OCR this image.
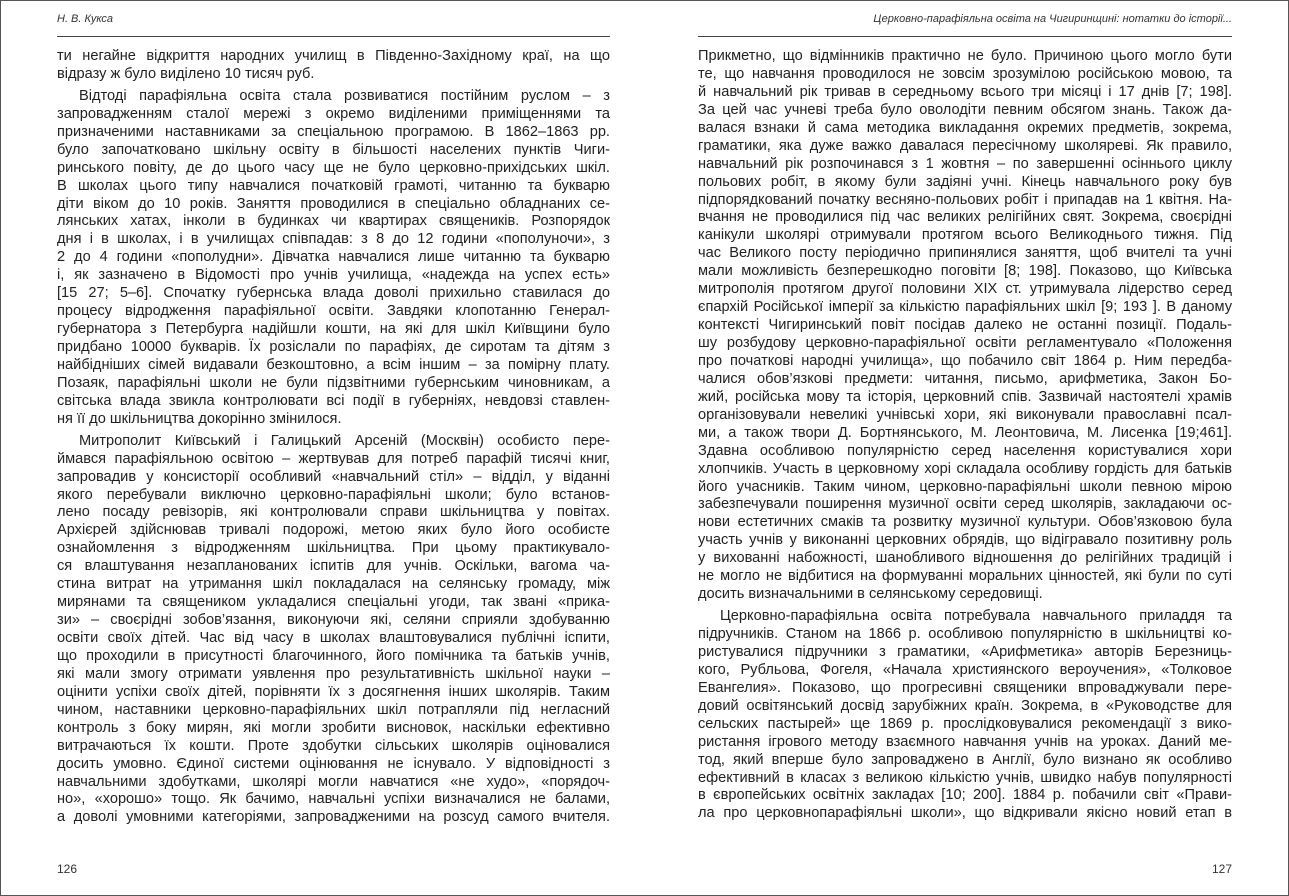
Н. В. Кукса
ти негайне відкриття народних училищ в Південно-Західному краї, на що
відразу ж було виділено 10 тисяч руб.
Відтоді парафіяльна освіта стала розвиватися постійним руслом – з
запровадженням сталої мережі з окремо виділеними приміщеннями та
призначеними наставниками за спеціальною програмою. В 1862–1863 рр.
було започатковано шкільну освіту в більшості населених пунктів Чиги-
ринського повіту, де до цього часу ще не було церковно-прихідських шкіл.
В школах цього типу навчалися початковій грамоті, читанню та букварю
діти віком до 10 років. Заняття проводилися в спеціально обладнаних се-
лянських хатах, інколи в будинках чи квартирах священиків. Розпорядок
дня і в школах, і в училищах співпадав: з 8 до 12 години «пополуночи», з
2 до 4 години «пополудни». Дівчатка навчалися лише читанню та букварю
і, як зазначено в Відомості про учнів училища, «надежда на успех есть»
[15 27; 5–6]. Спочатку губернська влада доволі прихильно ставилася до
процесу відродження парафіяльної освіти. Завдяки клопотанню Генерал-
губернатора з Петербурга надійшли кошти, на які для шкіл Київщини було
придбано 10000 букварів. Їх розіслали по парафіях, де сиротам та дітям з
найбідніших сімей видавали безкоштовно, а всім іншим – за помірну плату.
Позаяк, парафіяльні школи не були підзвітними губернським чиновникам, а
світська влада звикла контролювати всі події в губерніях, невдовзі ставлен-
ня її до шкільництва докорінно змінилося.
Митрополит Київський і Галицький Арсеній (Москвін) особисто пере-
ймався парафіяльною освітою – жертвував для потреб парафій тисячі книг,
запровадив у консисторії особливий «навчальний стіл» – відділ, у віданні
якого перебували виключно церковно-парафіяльні школи; було встанов-
лено посаду ревізорів, які контролювали справи шкільництва у повітах.
Архієрей здійснював тривалі подорожі, метою яких було його особисте
ознайомлення з відродженням шкільництва. При цьому практикувало-
ся влаштування незапланованих іспитів для учнів. Оскільки, вагома ча-
стина витрат на утримання шкіл покладалася на селянську громаду, між
мирянами та священиком укладалися спеціальні угоди, так звані «прика-
зи» – своєрідні зобов’язання, виконуючи які, селяни сприяли здобуванню
освіти своїх дітей. Час від часу в школах влаштовувалися публічні іспити,
що проходили в присутності благочинного, його помічника та батьків учнів,
які мали змогу отримати уявлення про результативність шкільної науки –
оцінити успіхи своїх дітей, порівняти їх з досягнення інших школярів. Таким
чином, наставники церковно-парафіяльних шкіл потрапляли під негласний
контроль з боку мирян, які могли зробити висновок, наскільки ефективно
витрачаються їх кошти. Проте здобутки сільських школярів оціновалися
досить умовно. Єдиної системи оцінювання не існувало. У відповідності з
навчальними здобутками, школярі могли навчатися «не худо», «порядоч-
но», «хорошо» тощо. Як бачимо, навчальні успіхи визначалися не балами,
а доволі умовними категоріями, запровадженими на розсуд самого вчителя.
126
Церковно-парафіяльна освіта на Чигиринщині: нотатки до історії...
Прикметно, що відмінників практично не було. Причиною цього могло бути
те, що навчання проводилося не зовсім зрозумілою російською мовою, та
й навчальний рік тривав в середньому всього три місяці і 17 днів [7; 198].
За цей час учневі треба було оволодіти певним обсягом знань. Також да-
валася взнаки й сама методика викладання окремих предметів, зокрема,
граматики, яка дуже важко давалася пересічному школяреві. Як правило,
навчальний рік розпочинався з 1 жовтня – по завершенні осіннього циклу
польових робіт, в якому були задіяні учні. Кінець навчального року був
підпорядкований початку весняно-польових робіт і припадав на 1 квітня. На-
вчання не проводилися під час великих релігійних свят. Зокрема, своєрідні
канікули школярі отримували протягом всього Великоднього тижня. Під
час Великого посту періодично припинялися заняття, щоб вчителі та учні
мали можливість безперешкодно поговіти [8; 198]. Показово, що Київська
митрополія протягом другої половини XIX ст. утримувала лідерство серед
єпархій Російської імперії за кількістю парафіяльних шкіл [9; 193 ]. В даному
контексті Чигиринський повіт посідав далеко не останні позиції. Подаль-
шу розбудову церковно-парафіяльної освіти регламентувало «Положення
про початкові народні училища», що побачило світ 1864 р. Ним передба-
чалися обов’язкові предмети: читання, письмо, арифметика, Закон Бо-
жий, російська мову та історія, церковний спів. Зазвичай настоятелі храмів
організовували невеликі учнівські хори, які виконували православні псал-
ми, а також твори Д. Бортнянського, М. Леонтовича, М. Лисенка [19;461].
Здавна особливою популярністю серед населення користувалися хори
хлопчиків. Участь в церковному хорі складала особливу гордість для батьків
його учасників. Таким чином, церковно-парафіяльні школи певною мірою
забезпечували поширення музичної освіти серед школярів, закладаючи ос-
нови естетичних смаків та розвитку музичної культури. Обов’язковою була
участь учнів у виконанні церковних обрядів, що відігравало позитивну роль
у вихованні набожності, шанобливого відношення до релігійних традицій і
не могло не відбитися на формуванні моральних цінностей, які були по суті
досить визначальними в селянському середовищі.
Церковно-парафіяльна освіта потребувала навчального приладдя та
підручників. Станом на 1866 р. особливою популярністю в шкільництві ко-
ристувалися підручники з граматики, «Арифметика» авторів Березниць-
кого, Рубльова, Фогеля, «Начала християнского вероучения», «Толковое
Евангелия». Показово, що прогресивні священики впроваджували пере-
довий освітянський досвід зарубіжних країн. Зокрема, в «Руководстве для
сельских пастырей» ще 1869 р. прослідковувалися рекомендації з вико-
ристання ігрового методу взаємного навчання учнів на уроках. Даний ме-
тод, який вперше було запроваджено в Англії, було визнано як особливо
ефективний в класах з великою кількістю учнів, швидко набув популярності
в європейських освітніх закладах [10; 200]. 1884 р. побачили світ «Прави-
ла про церковнопарафіяльні школи», що відкривали якісно новий етап в
127
